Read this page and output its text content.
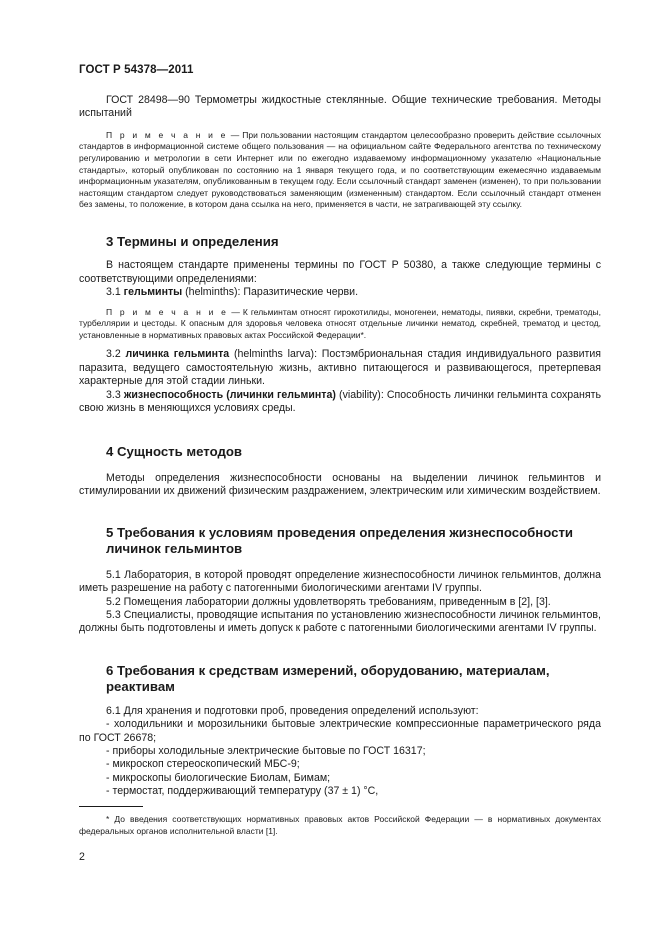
ГОСТ Р 54378—2011

ГОСТ 28498—90 Термометры жидкостные стеклянные. Общие технические требования. Методы испытаний

П р и м е ч а н и е — При пользовании настоящим стандартом целесообразно проверить действие ссылочных стандартов в информационной системе общего пользования — на официальном сайте Федерального агентства по техническому регулированию и метрологии в сети Интернет или по ежегодно издаваемому информационному указателю «Национальные стандарты», который опубликован по состоянию на 1 января текущего года, и по соответствующим ежемесячно издаваемым информационным указателям, опубликованным в текущем году. Если ссылочный стандарт заменен (изменен), то при пользовании настоящим стандартом следует руководствоваться заменяющим (измененным) стандартом. Если ссылочный стандарт отменен без замены, то положение, в котором дана ссылка на него, применяется в части, не затрагивающей эту ссылку.

3 Термины и определения

В настоящем стандарте применены термины по ГОСТ Р 50380, а также следующие термины с соответствующими определениями:

3.1 гельминты (helminths): Паразитические черви.

П р и м е ч а н и е — К гельминтам относят гирокотилиды, моногенеи, нематоды, пиявки, скребни, трематоды, турбеллярии и цестоды. К опасным для здоровья человека относят отдельные личинки нематод, скребней, трематод и цестод, установленные в нормативных правовых актах Российской Федерации*.

3.2 личинка гельминта (helminths larva): Постэмбриональная стадия индивидуального развития паразита, ведущего самостоятельную жизнь, активно питающегося и развивающегося, претерпевая характерные для этой стадии линьки.

3.3 жизнеспособность (личинки гельминта) (viability): Способность личинки гельминта сохранять свою жизнь в меняющихся условиях среды.

4 Сущность методов

Методы определения жизнеспособности основаны на выделении личинок гельминтов и стимулировании их движений физическим раздражением, электрическим или химическим воздействием.

5 Требования к условиям проведения определения жизнеспособности
личинок гельминтов

5.1 Лаборатория, в которой проводят определение жизнеспособности личинок гельминтов, должна иметь разрешение на работу с патогенными биологическими агентами IV группы.

5.2 Помещения лаборатории должны удовлетворять требованиям, приведенным в [2], [3].

5.3 Специалисты, проводящие испытания по установлению жизнеспособности личинок гельминтов, должны быть подготовлены и иметь допуск к работе с патогенными биологическими агентами IV группы.

6 Требования к средствам измерений, оборудованию, материалам,
реактивам

6.1 Для хранения и подготовки проб, проведения определений используют:

- холодильники и морозильники бытовые электрические компрессионные параметрического ряда по ГОСТ 26678;
- приборы холодильные электрические бытовые по ГОСТ 16317;
- микроскоп стереоскопический МБС-9;
- микроскопы биологические Биолам, Бимам;
- термостат, поддерживающий температуру (37 ± 1) °С,

* До введения соответствующих нормативных правовых актов Российской Федерации — в нормативных документах федеральных органов исполнительной власти [1].

2
